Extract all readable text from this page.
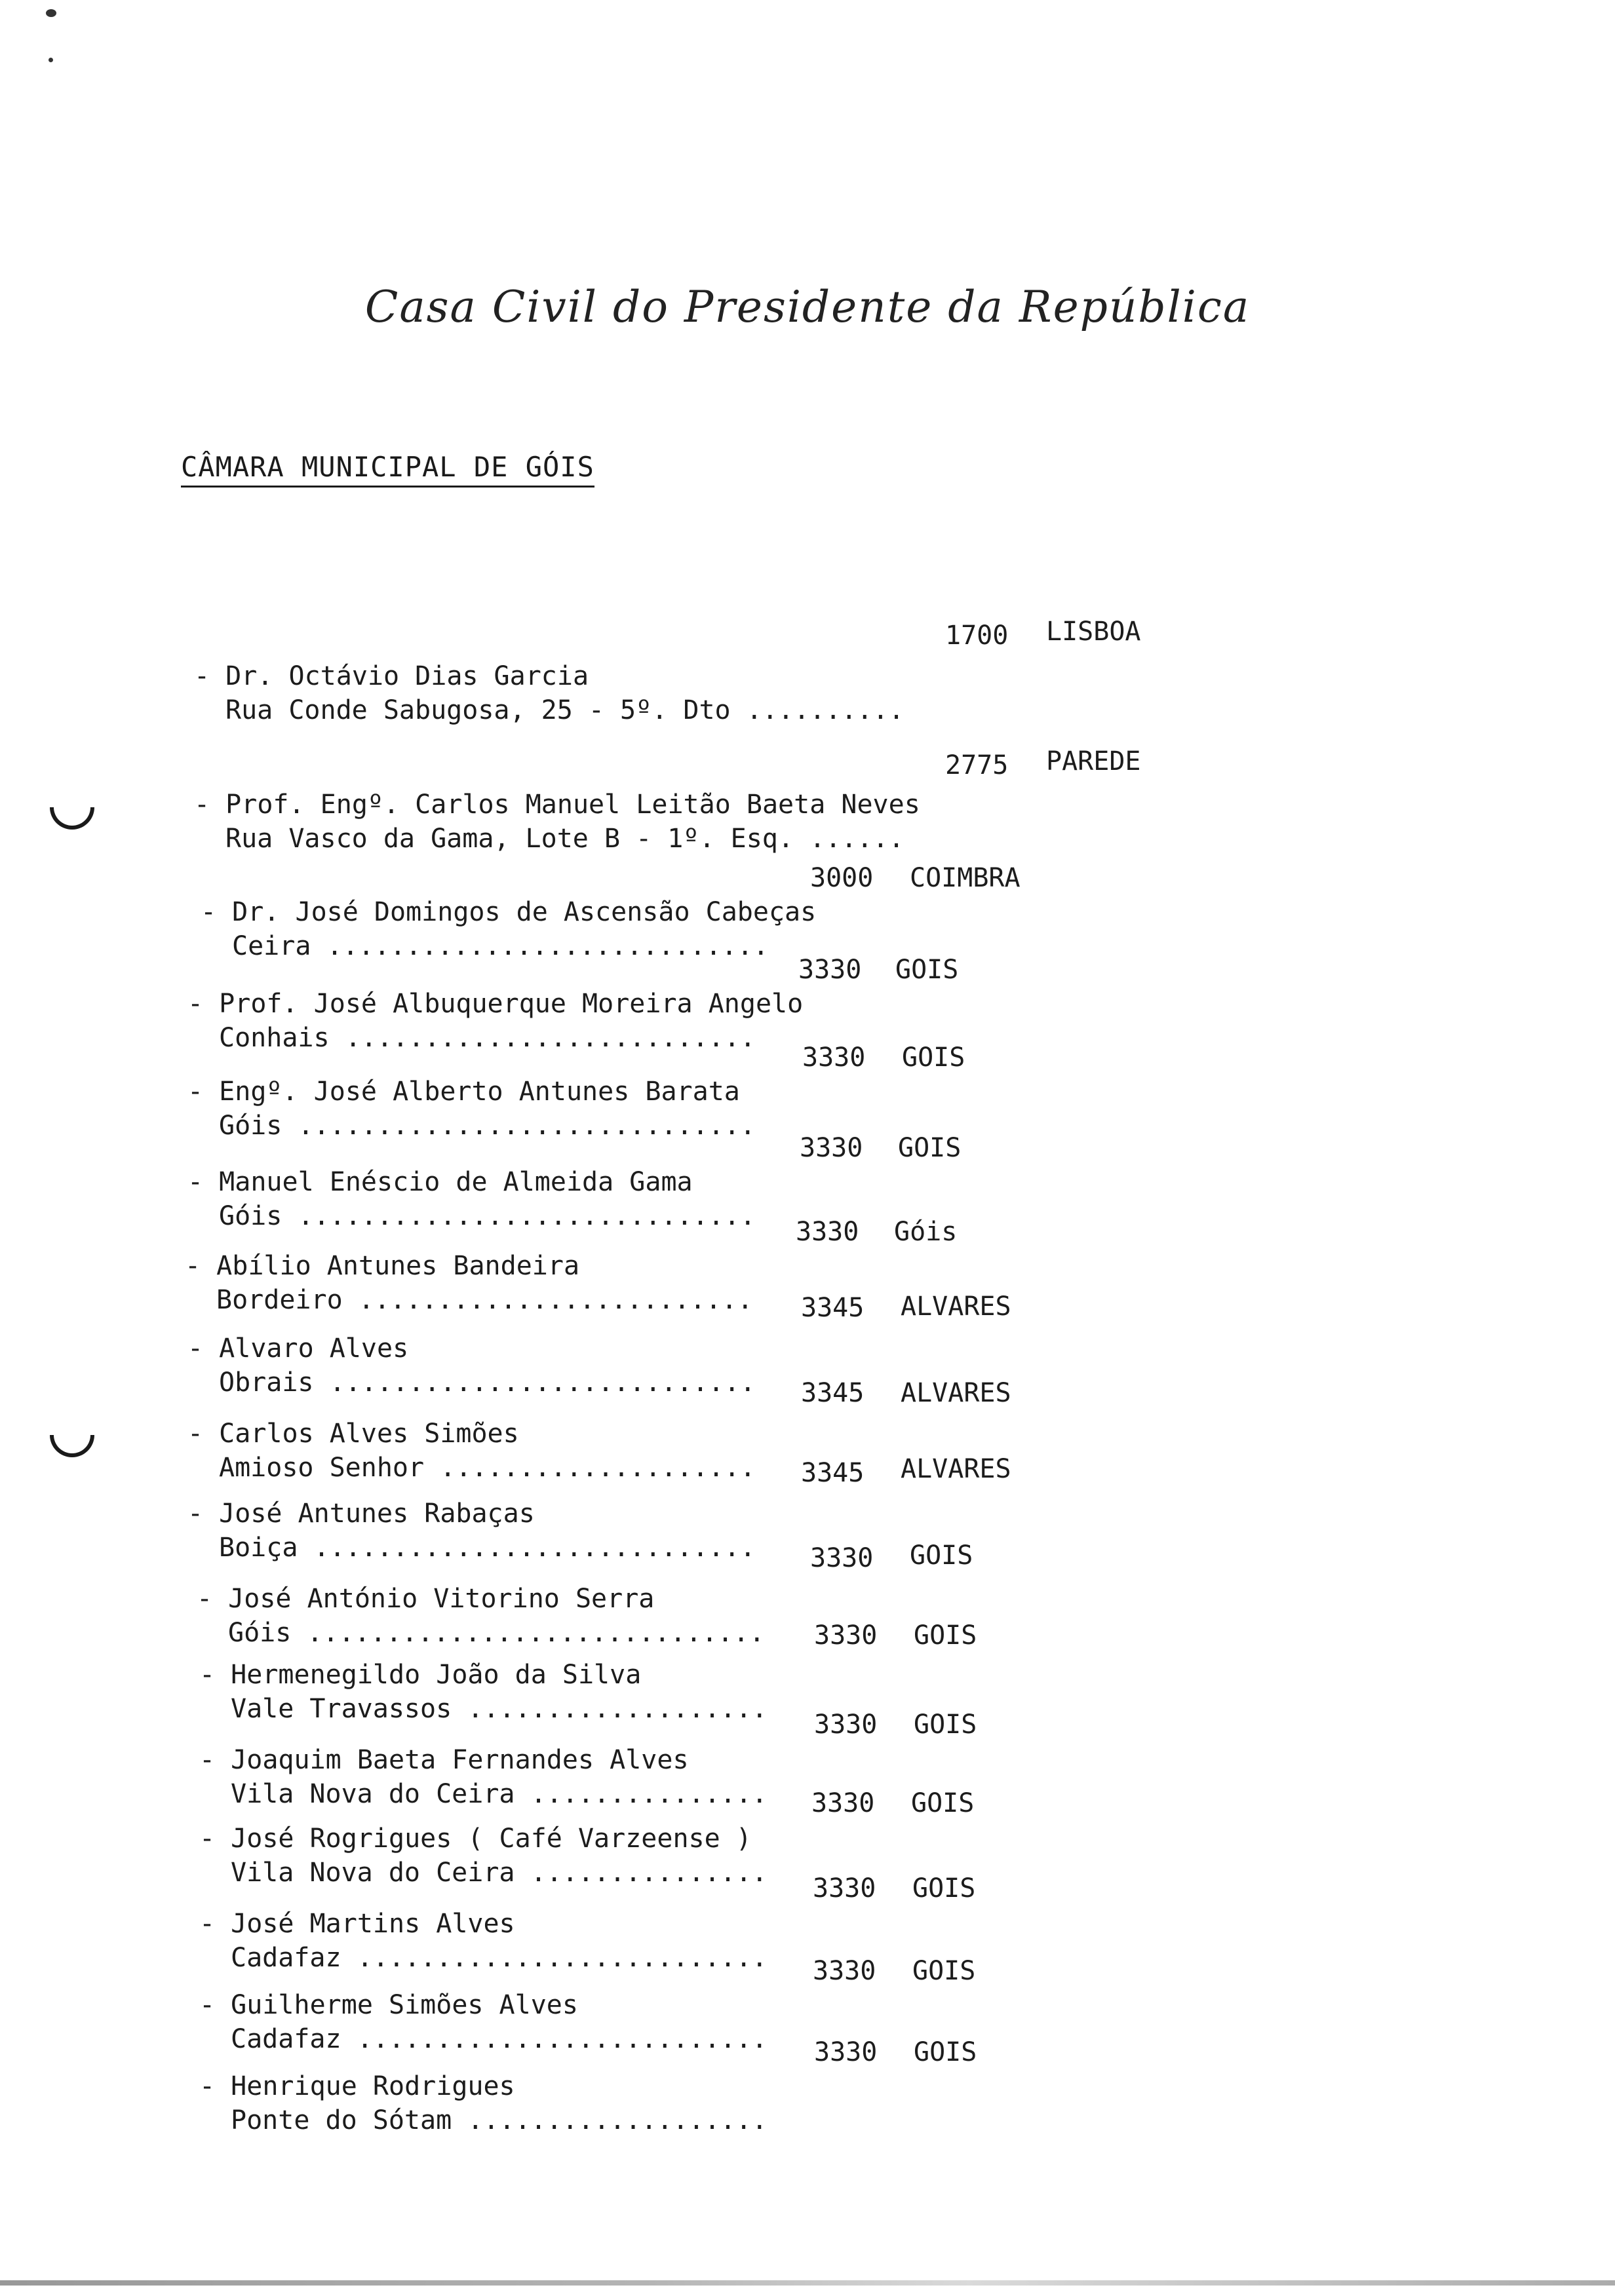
Casa Civil do Presidente da República
CÂMARA MUNICIPAL DE GÓIS

- Dr. Octávio Dias Garcia
Rua Conde Sabugosa, 25 - 5º. Dto ..........

1700 LISBOA

- Prof. Engº. Carlos Manuel Leitão Baeta Neves
Rua Vasco da Gama, Lote B - 1º. Esq. ......

2775 PAREDE

- Dr. José Domingos de Ascensão Cabeças
Ceira ............................

3000 COIMBRA

- Prof. José Albuquerque Moreira Angelo
Conhais ..........................

3330 GOIS

- Engº. José Alberto Antunes Barata
Góis .............................

3330 GOIS

- Manuel Enéscio de Almeida Gama
Góis .............................

3330 GOIS

- Abílio Antunes Bandeira
Bordeiro .........................

3330 Góis

- Alvaro Alves
Obrais ...........................

3345 ALVARES

- Carlos Alves Simões
Amioso Senhor ....................

3345 ALVARES

- José Antunes Rabaças
Boiça ............................

3345 ALVARES

- José António Vitorino Serra
Góis .............................

3330 GOIS

- Hermenegildo João da Silva
Vale Travassos ...................

3330 GOIS

- Joaquim Baeta Fernandes Alves
Vila Nova do Ceira ...............

3330 GOIS

- José Rogrigues ( Café Varzeense )
Vila Nova do Ceira ...............

3330 GOIS

- José Martins Alves
Cadafaz ..........................

3330 GOIS

- Guilherme Simões Alves
Cadafaz ..........................

3330 GOIS

- Henrique Rodrigues
Ponte do Sótam ...................

3330 GOIS
